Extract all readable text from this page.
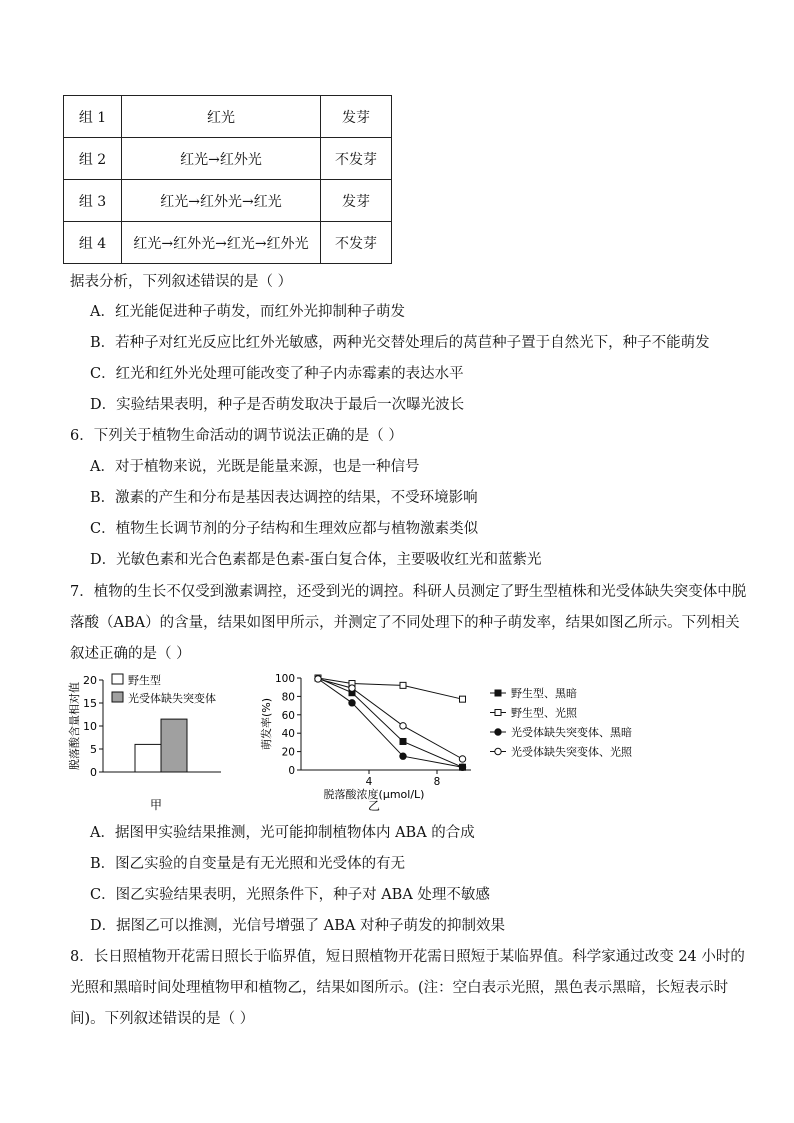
组 1	红光	发芽
组 2	红光→红外光	不发芽
组 3	红光→红外光→红光	发芽
组 4	红光→红外光→红光→红外光	不发芽
据表分析，下列叙述错误的是（ ）
A．红光能促进种子萌发，而红外光抑制种子萌发
B．若种子对红光反应比红外光敏感，两种光交替处理后的莴苣种子置于自然光下，种子不能萌发
C．红光和红外光处理可能改变了种子内赤霉素的表达水平
D．实验结果表明，种子是否萌发取决于最后一次曝光波长
6．下列关于植物生命活动的调节说法正确的是（ ）
A．对于植物来说，光既是能量来源，也是一种信号
B．激素的产生和分布是基因表达调控的结果，不受环境影响
C．植物生长调节剂的分子结构和生理效应都与植物激素类似
D．光敏色素和光合色素都是色素-蛋白复合体，主要吸收红光和蓝紫光
7．植物的生长不仅受到激素调控，还受到光的调控。科研人员测定了野生型植株和光受体缺失突变体中脱
落酸（ABA）的含量，结果如图甲所示，并测定了不同处理下的种子萌发率，结果如图乙所示。下列相关
叙述正确的是（ ）
脱落酸含量相对值
0
5
10
15
20	野生型
光受体缺失突变体
甲
萌发率(%)
0
20
40
60
80
100
4	8
脱落酸浓度(μmol/L)
乙
野生型、黑暗
野生型、光照
光受体缺失突变体、黑暗
光受体缺失突变体、光照
A．据图甲实验结果推测，光可能抑制植物体内 ABA 的合成
B．图乙实验的自变量是有无光照和光受体的有无
C．图乙实验结果表明，光照条件下，种子对 ABA 处理不敏感
D．据图乙可以推测，光信号增强了 ABA 对种子萌发的抑制效果
8．长日照植物开花需日照长于临界值，短日照植物开花需日照短于某临界值。科学家通过改变 24 小时的
光照和黑暗时间处理植物甲和植物乙，结果如图所示。(注：空白表示光照，黑色表示黑暗，长短表示时
间)。下列叙述错误的是（ ）
